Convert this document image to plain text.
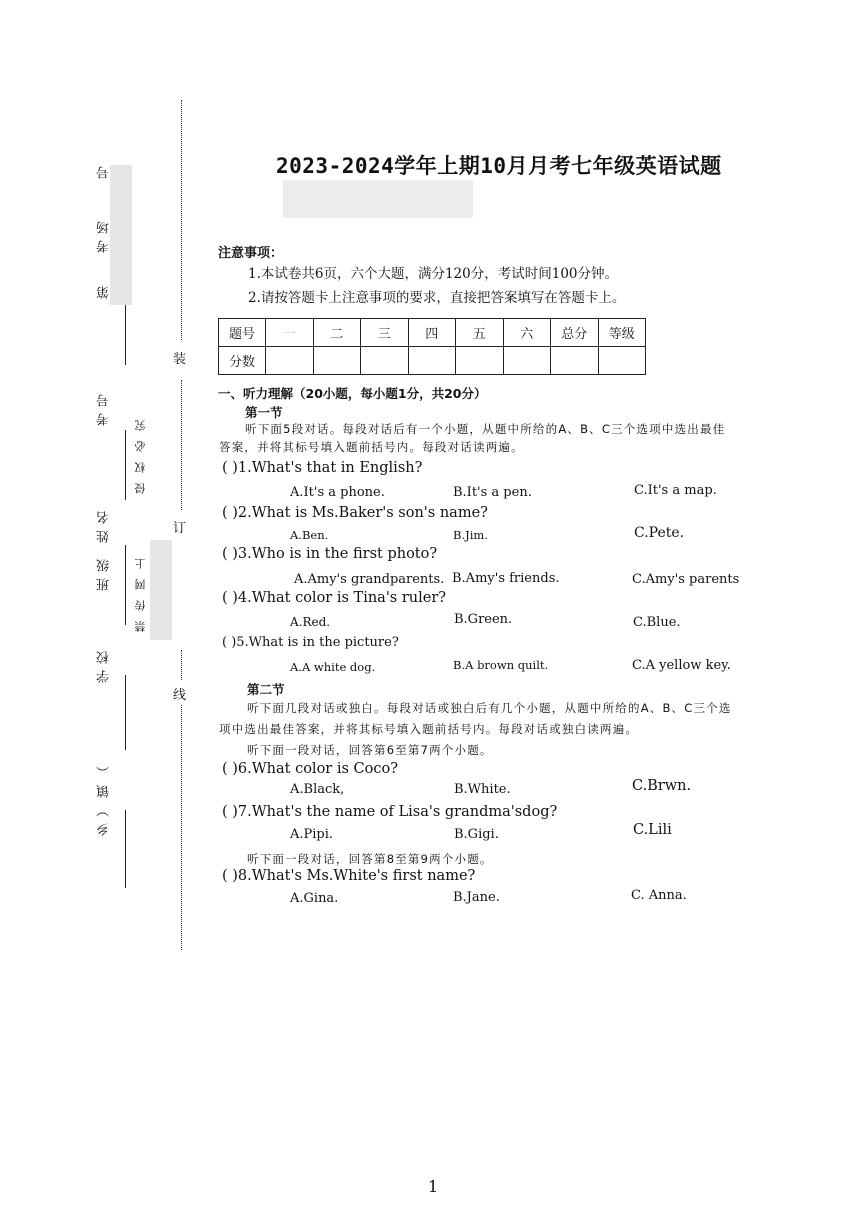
号
考场
第
考号
侵权必究
禁传网上
班级 姓名
学校
乡）镇（
装
订
线
2023-2024学年上期10月月考七年级英语试题
注意事项：
1.本试卷共6页，六个大题，满分120分，考试时间100分钟。
2.请按答题卡上注意事项的要求，直接把答案填写在答题卡上。
题号	一	二	三	四	五	六	总分	等级
分数								
一、听力理解（20小题，每小题1分，共20分）
第一节
听下面5段对话。每段对话后有一个小题，从题中所给的A、B、C三个选项中选出最佳
答案，并将其标号填入题前括号内。每段对话读两遍。
( )1.What's that in English?
A.It's a phone.	B.It's a pen.	C.It's a map.
( )2.What is Ms.Baker's son's name?
A.Ben.	B.Jim.	C.Pete.
( )3.Who is in the first photo?
A.Amy's grandparents. B.Amy's friends.	C.Amy's parents
( )4.What color is Tina's ruler?
A.Red.	B.Green.	C.Blue.
( )5.What is in the picture?
A.A white dog.	B.A brown quilt.	C.A yellow key.
第二节
听下面几段对话或独白。每段对话或独白后有几个小题，从题中所给的A、B、C三个选
项中选出最佳答案，并将其标号填入题前括号内。每段对话或独白读两遍。
听下面一段对话，回答第6至第7两个小题。
( )6.What color is Coco?
A.Black,	B.White.	C.Brwn.
( )7.What's the name of Lisa's grandma'sdog?
A.Pipi.	B.Gigi.	C.Lili
听下面一段对话，回答第8至第9两个小题。
( )8.What's Ms.White's first name?
A.Gina.	B.Jane.	C. Anna.
1
